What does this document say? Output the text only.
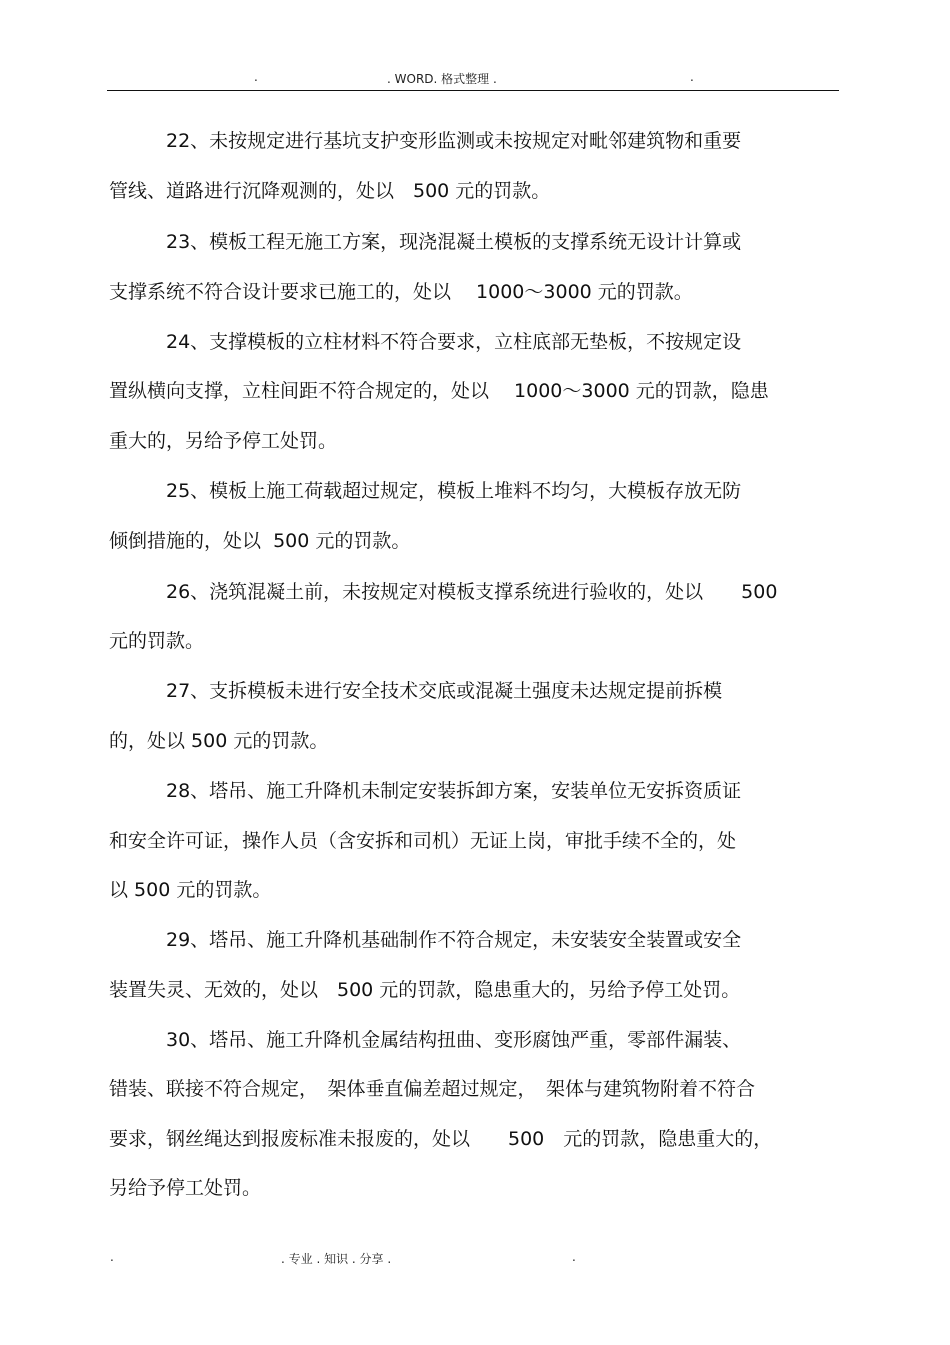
.	. WORD. 格式整理 .	.
22、未按规定进行基坑支护变形监测或未按规定对毗邻建筑物和重要
管线、道路进行沉降观测的，处以　500 元的罚款。
23、模板工程无施工方案，现浇混凝土模板的支撑系统无设计计算或
支撑系统不符合设计要求已施工的，处以　 1000～3000 元的罚款。
24、支撑模板的立柱材料不符合要求，立柱底部无垫板，不按规定设
置纵横向支撑，立柱间距不符合规定的，处以　 1000～3000 元的罚款，隐患
重大的，另给予停工处罚。
25、模板上施工荷载超过规定，模板上堆料不均匀，大模板存放无防
倾倒措施的，处以  500 元的罚款。
26、浇筑混凝土前，未按规定对模板支撑系统进行验收的，处以　　500
元的罚款。
27、支拆模板未进行安全技术交底或混凝土强度未达规定提前拆模
的，处以 500 元的罚款。
28、塔吊、施工升降机未制定安装拆卸方案，安装单位无安拆资质证
和安全许可证，操作人员（含安拆和司机）无证上岗，审批手续不全的，处
以 500 元的罚款。
29、塔吊、施工升降机基础制作不符合规定，未安装安全装置或安全
装置失灵、无效的，处以　500 元的罚款，隐患重大的，另给予停工处罚。
30、塔吊、施工升降机金属结构扭曲、变形腐蚀严重，零部件漏装、
错装、联接不符合规定，　架体垂直偏差超过规定，　架体与建筑物附着不符合
要求，钢丝绳达到报废标准未报废的，处以　　500　元的罚款，隐患重大的，
另给予停工处罚。
.	. 专业 . 知识 . 分享 .	.
